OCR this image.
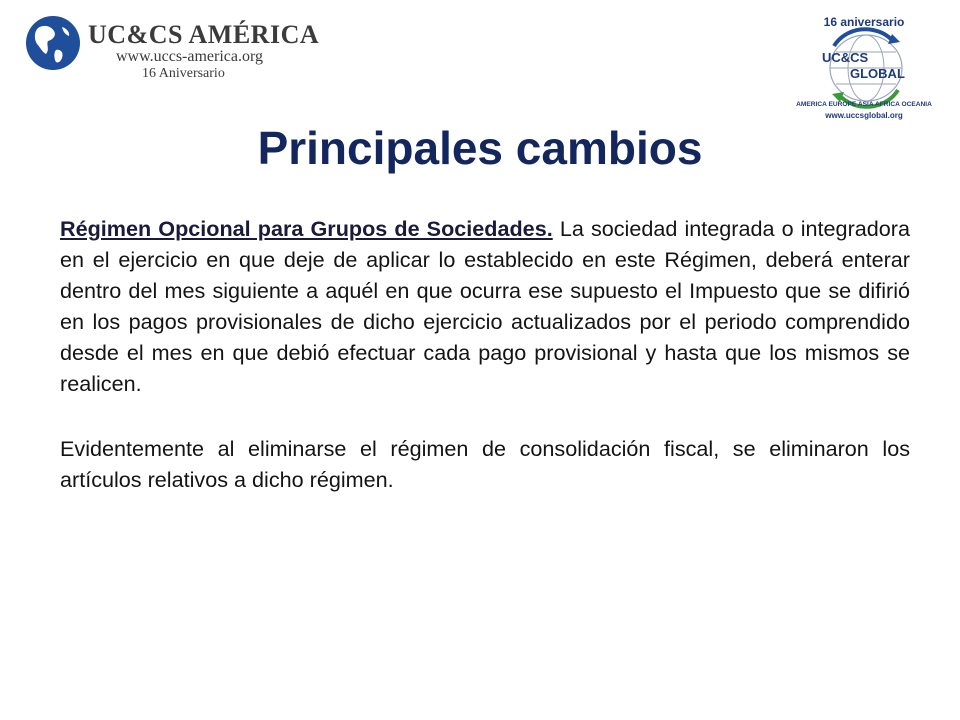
UC&CS AMÉRICA
www.uccs-america.org
16 Aniversario
16 aniversario
UC&CS
GLOBAL
AMERICA EUROPE ASIA AFRICA OCEANIA
www.uccsglobal.org
Principales cambios

Régimen Opcional para Grupos de Sociedades. La sociedad integrada o integradora en el ejercicio en que deje de aplicar lo establecido en este Régimen, deberá enterar dentro del mes siguiente a aquél en que ocurra ese supuesto el Impuesto que se difirió en los pagos provisionales de dicho ejercicio actualizados por el periodo comprendido desde el mes en que debió efectuar cada pago provisional y hasta que los mismos se realicen.

Evidentemente al eliminarse el régimen de consolidación fiscal, se eliminaron los artículos relativos a dicho régimen.
